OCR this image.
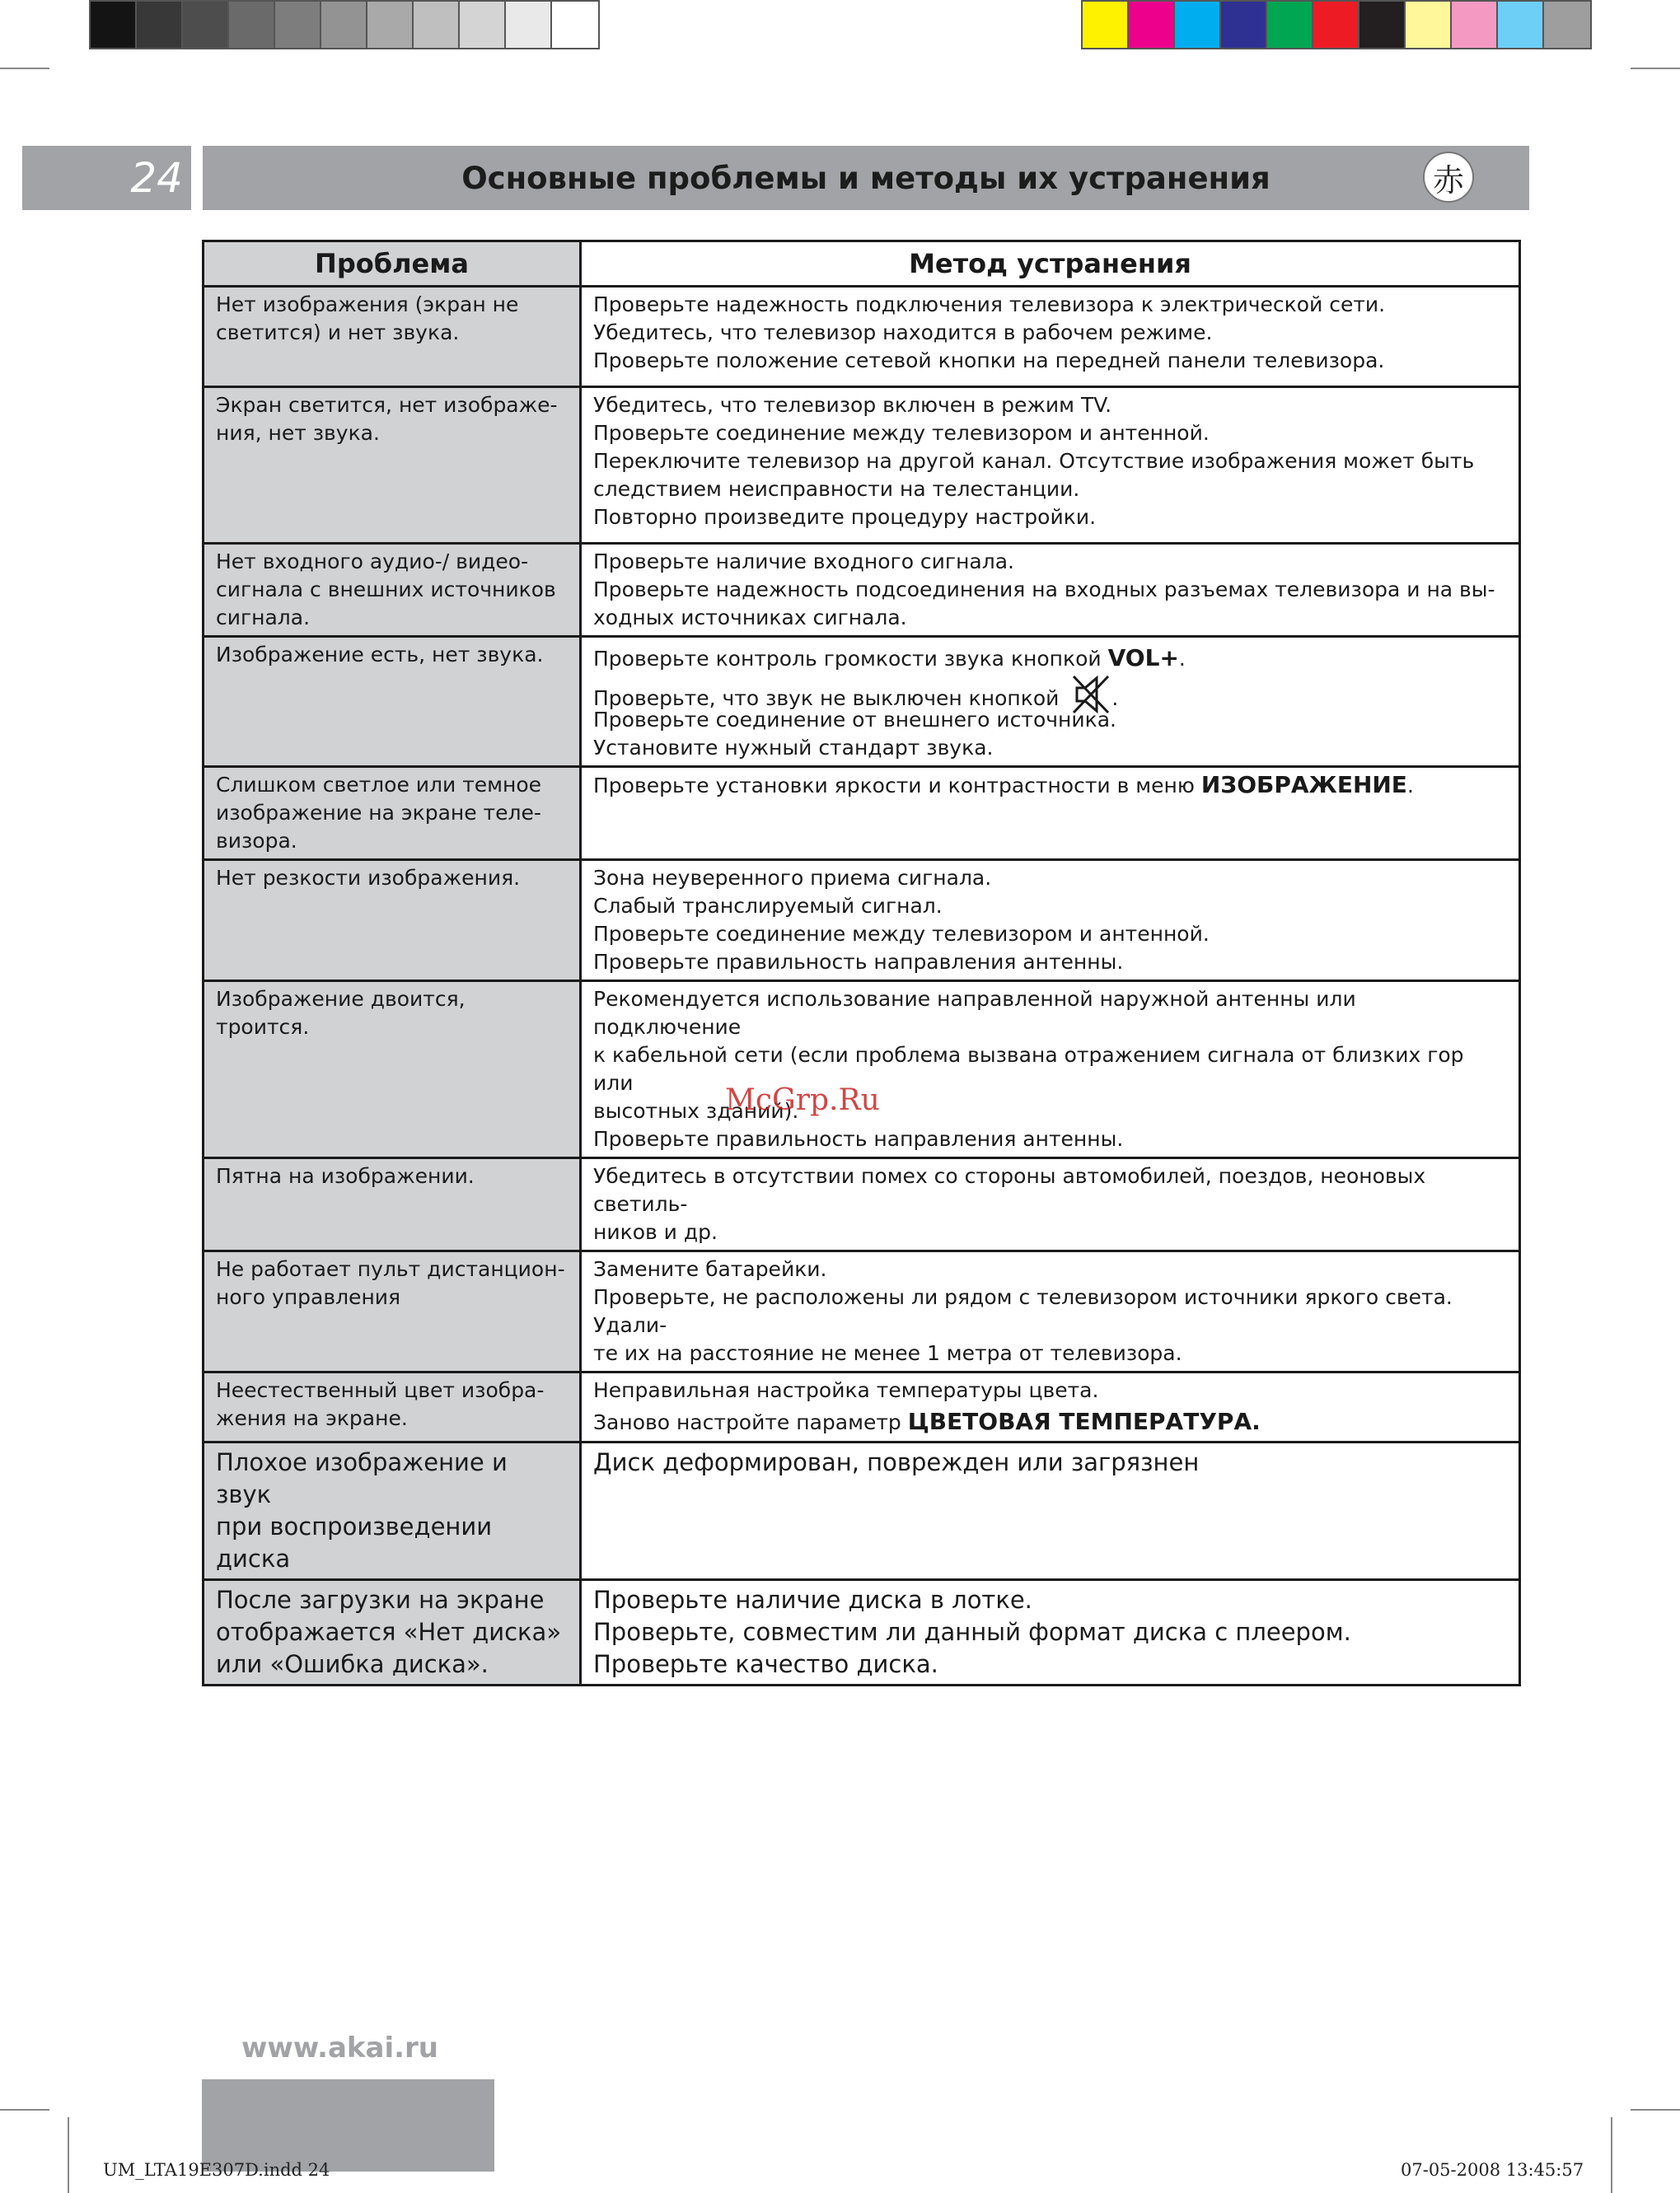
24	Основные проблемы и методы их устранения	赤
Проблема	Метод устранения

Нет изображения (экран не
светится) и нет звука.	Проверьте надежность подключения телевизора к электрической сети.
Убедитесь, что телевизор находится в рабочем режиме.
Проверьте положение сетевой кнопки на передней панели телевизора.

Экран светится, нет изображе-
ния, нет звука.	Убедитесь, что телевизор включен в режим TV.
Проверьте соединение между телевизором и антенной.
Переключите телевизор на другой канал. Отсутствие изображения может быть
следствием неисправности на телестанции.
Повторно произведите процедуру настройки.

Нет входного аудио-/ видео-
сигнала с внешних источников
сигнала.	Проверьте наличие входного сигнала.
Проверьте надежность подсоединения на входных разъемах телевизора и на вы-
ходных источниках сигнала.

Изображение есть, нет звука.	Проверьте контроль громкости звука кнопкой VOL+.
Проверьте, что звук не выключен кнопкой .
Проверьте соединение от внешнего источника.
Установите нужный стандарт звука.

Слишком светлое или темное
изображение на экране теле-
визора.	Проверьте установки яркости и контрастности в меню ИЗОБРАЖЕНИЕ.

Нет резкости изображения.	Зона неуверенного приема сигнала.
Слабый транслируемый сигнал.
Проверьте соединение между телевизором и антенной.
Проверьте правильность направления антенны.

Изображение двоится,
троится.	Рекомендуется использование направленной наружной антенны или подключение
к кабельной сети (если проблема вызвана отражением сигнала от близких гор или
высотных зданий).
Проверьте правильность направления антенны.

Пятна на изображении.	Убедитесь в отсутствии помех со стороны автомобилей, поездов, неоновых светиль-
ников и др.

Не работает пульт дистанцион-
ного управления	Замените батарейки.
Проверьте, не расположены ли рядом с телевизором источники яркого света. Удали-
те их на расстояние не менее 1 метра от телевизора.

Неестественный цвет изобра-
жения на экране.	Неправильная настройка температуры цвета.
Заново настройте параметр ЦВЕТОВАЯ ТЕМПЕРАТУРА.

Плохое изображение и звук
при воспроизведении диска	Диск деформирован, поврежден или загрязнен

После загрузки на экране
отображается «Нет диска»
или «Ошибка диска».	Проверьте наличие диска в лотке.
Проверьте, совместим ли данный формат диска с плеером.
Проверьте качество диска.
McGrp.Ru
www.akai.ru
UM_LTA19E307D.indd 24	07-05-2008 13:45:57
